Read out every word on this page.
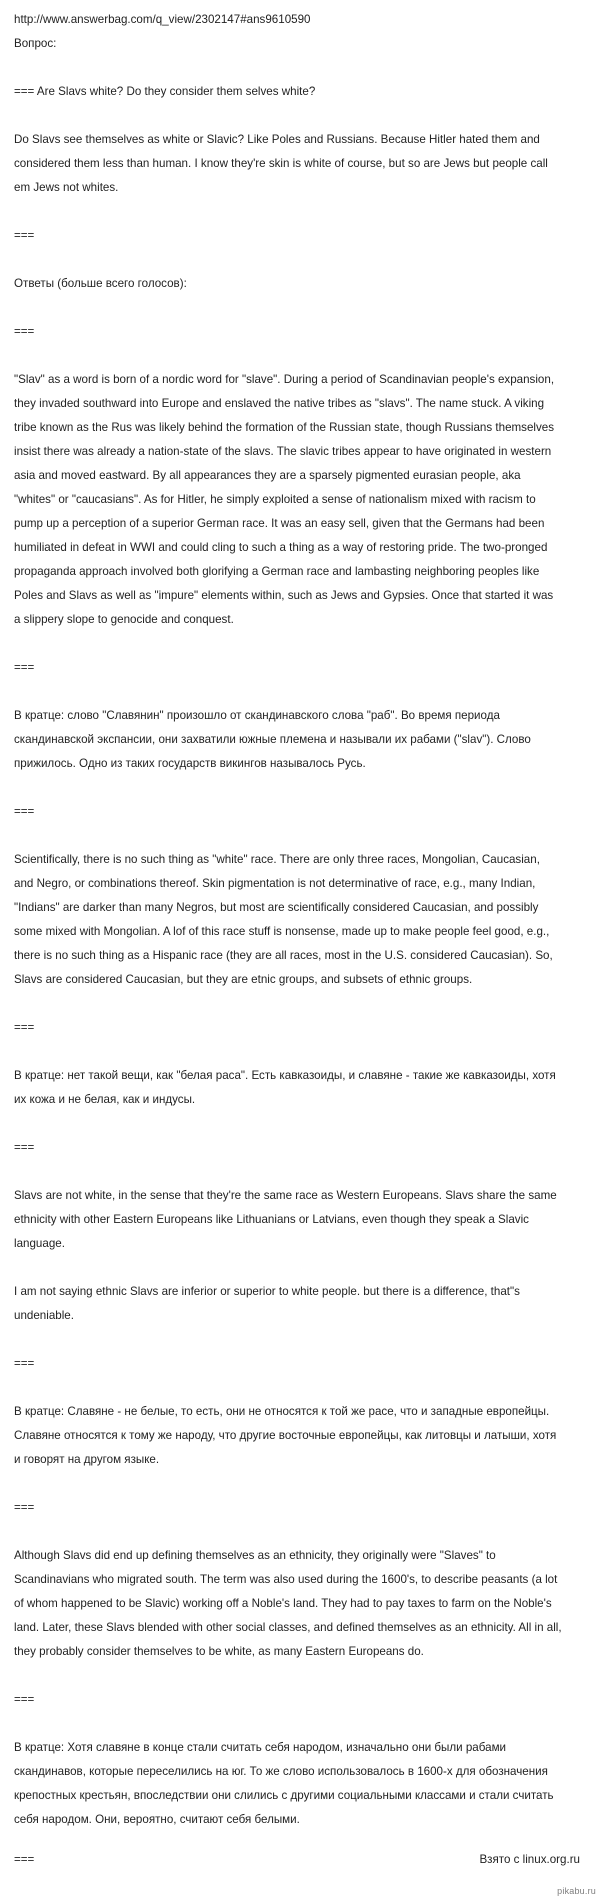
http://www.answerbag.com/q_view/2302147#ans9610590

Вопрос:

=== Are Slavs white? Do they consider them selves white?

Do Slavs see themselves as white or Slavic? Like Poles and Russians. Because Hitler hated them and

considered them less than human. I know they're skin is white of course, but so are Jews but people call

em Jews not whites.

===

Ответы (больше всего голосов):

===

"Slav" as a word is born of a nordic word for "slave". During a period of Scandinavian people's expansion,

they invaded southward into Europe and enslaved the native tribes as "slavs". The name stuck. A viking

tribe known as the Rus was likely behind the formation of the Russian state, though Russians themselves

insist there was already a nation-state of the slavs. The slavic tribes appear to have originated in western

asia and moved eastward. By all appearances they are a sparsely pigmented eurasian people, aka

"whites" or "caucasians". As for Hitler, he simply exploited a sense of nationalism mixed with racism to

pump up a perception of a superior German race. It was an easy sell, given that the Germans had been

humiliated in defeat in WWI and could cling to such a thing as a way of restoring pride. The two-pronged

propaganda approach involved both glorifying a German race and lambasting neighboring peoples like

Poles and Slavs as well as "impure" elements within, such as Jews and Gypsies. Once that started it was

a slippery slope to genocide and conquest.

===

В кратце: слово "Славянин" произошло от скандинавского слова "раб". Во время периода

скандинавской экспансии, они захватили южные племена и называли их рабами ("slav"). Слово

прижилось. Одно из таких государств викингов называлось Русь.

===

Scientifically, there is no such thing as "white" race. There are only three races, Mongolian, Caucasian,

and Negro, or combinations thereof. Skin pigmentation is not determinative of race, e.g., many Indian,

"Indians" are darker than many Negros, but most are scientifically considered Caucasian, and possibly

some mixed with Mongolian. A lof of this race stuff is nonsense, made up to make people feel good, e.g.,

there is no such thing as a Hispanic race (they are all races, most in the U.S. considered Caucasian). So,

Slavs are considered Caucasian, but they are etnic groups, and subsets of ethnic groups.

===

В кратце: нет такой вещи, как "белая раса". Есть кавказоиды, и славяне - такие же кавказоиды, хотя

их кожа и не белая, как и индусы.

===

Slavs are not white, in the sense that they're the same race as Western Europeans. Slavs share the same

ethnicity with other Eastern Europeans like Lithuanians or Latvians, even though they speak a Slavic

language.

I am not saying ethnic Slavs are inferior or superior to white people. but there is a difference, that"s

undeniable.

===

В кратце: Славяне - не белые, то есть, они не относятся к той же расе, что и западные европейцы.

Славяне относятся к тому же народу, что другие восточные европейцы, как литовцы и латыши, хотя

и говорят на другом языке.

===

Although Slavs did end up defining themselves as an ethnicity, they originally were "Slaves" to

Scandinavians who migrated south. The term was also used during the 1600's, to describe peasants (a lot

of whom happened to be Slavic) working off a Noble's land. They had to pay taxes to farm on the Noble's

land. Later, these Slavs blended with other social classes, and defined themselves as an ethnicity. All in all,

they probably consider themselves to be white, as many Eastern Europeans do.

===

В кратце: Хотя славяне в конце стали считать себя народом, изначально они были рабами

скандинавов, которые переселились на юг. То же слово использовалось в 1600-х для обозначения

крепостных крестьян, впоследствии они слились с другими социальными классами и стали считать

себя народом. Они, вероятно, считают себя белыми.

===	Взято с linux.org.ru
pikabu.ru
